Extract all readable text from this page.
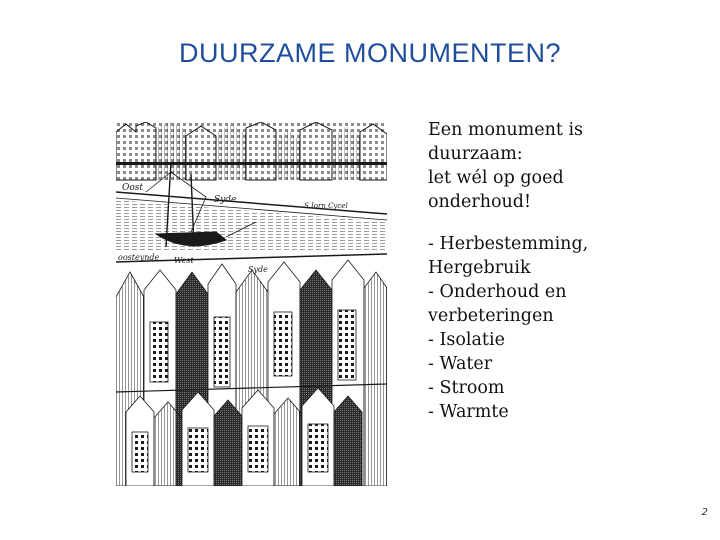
DUURZAME MONUMENTEN?
Oost
Syde
S Iorn Cycel
oosteynde West
Syde

Een monument is

duurzaam:

let wél op goed

onderhoud!

- Herbestemming,

Hergebruik

- Onderhoud en

verbeteringen

- Isolatie

- Water

- Stroom

- Warmte

2
